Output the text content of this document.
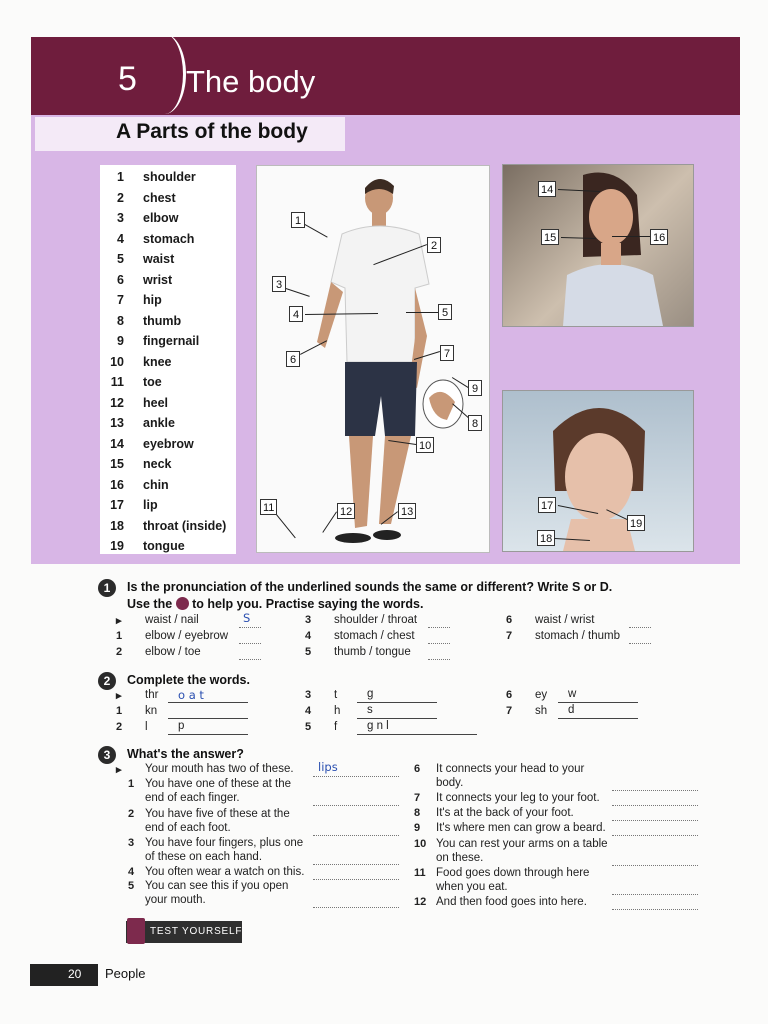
5 The body
A Parts of the body
1 shoulder
2 chest
3 elbow
4 stomach
5 waist
6 wrist
7 hip
8 thumb
9 fingernail
10 knee
11 toe
12 heel
13 ankle
14 eyebrow
15 neck
16 chin
17 lip
18 throat (inside)
19 tongue
1
2
3
4	5
6	7
8
9
10
11	12	13
14
15	16
17
18
19
1	Is the pronunciation of the underlined sounds the same or different? Write S or D.
Use the to help you. Practise saying the words.
▸ waist / nail	S
1 elbow / eyebrow
2 elbow / toe
3 shoulder / throat
4 stomach / chest
5 thumb / tongue
6 waist / wrist
7 stomach / thumb
2	Complete the words.
▸ thr o a t
1 kn
2 l	p
3 t	g
4 h s
5 f	g n l
6 ey w
7 sh d
3	What's the answer?
▸ Your mouth has two of these. lips
1 You have one of these at the
end of each finger.
2 You have five of these at the
end of each foot.
3 You have four fingers, plus one
of these on each hand.
4 You often wear a watch on this.
5 You can see this if you open
your mouth.
6 It connects your head to your
body.
7 It connects your leg to your foot.
8 It's at the back of your foot.
9 It's where men can grow a beard.
10 You can rest your arms on a table
on these.
11 Food goes down through here
when you eat.
12 And then food goes into here.
TEST YOURSELF
20 People
